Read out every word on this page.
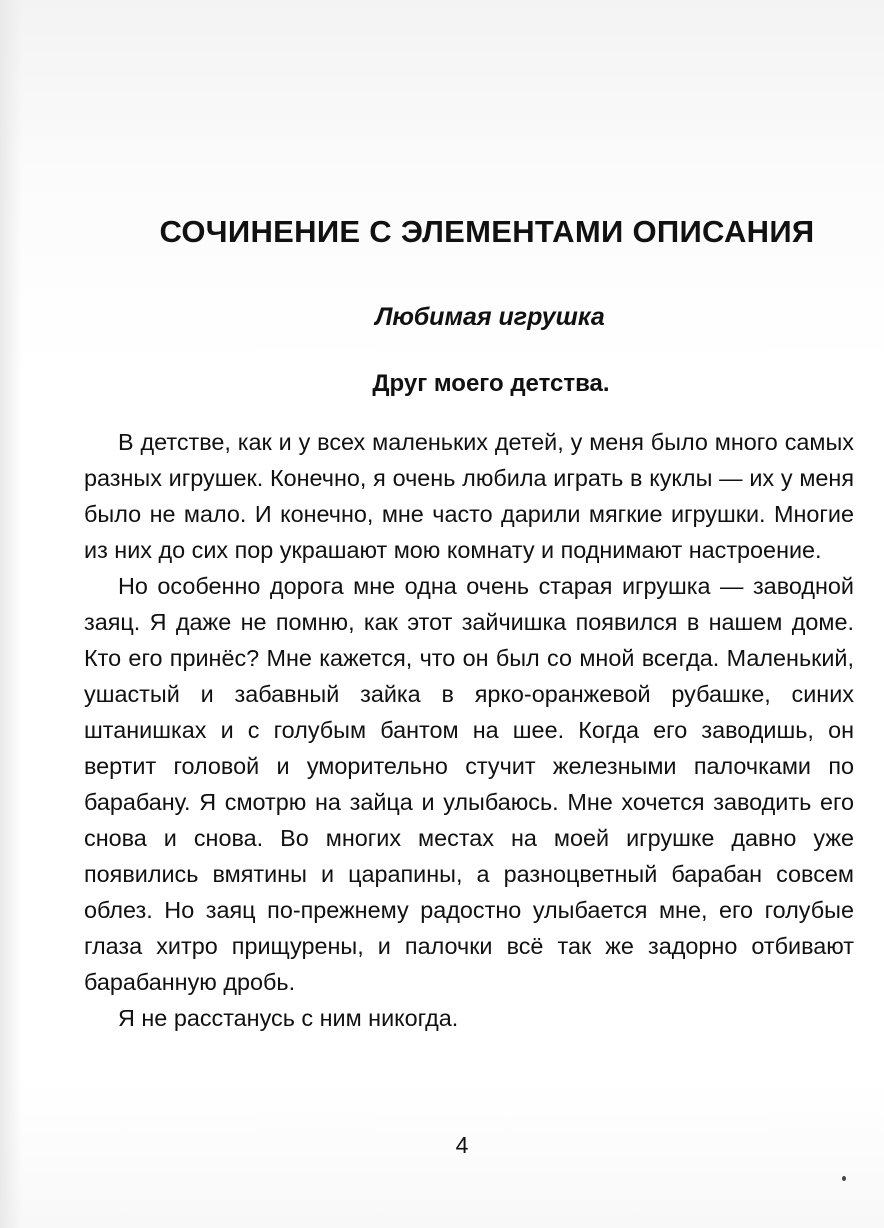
СОЧИНЕНИЕ С ЭЛЕМЕНТАМИ ОПИСАНИЯ
Любимая игрушка
Друг моего детства.

В детстве, как и у всех маленьких детей, у меня было много самых разных игрушек. Конечно, я очень любила играть в куклы — их у меня было не мало. И конечно, мне часто дарили мягкие игрушки. Многие из них до сих пор украшают мою комнату и поднимают настроение.

Но особенно дорога мне одна очень старая игрушка — заводной заяц. Я даже не помню, как этот зайчишка появился в нашем доме. Кто его принёс? Мне кажется, что он был со мной всегда. Маленький, ушастый и забавный зайка в ярко-оранжевой рубашке, синих штанишках и с голубым бантом на шее. Когда его заводишь, он вертит головой и уморительно стучит железными палочками по барабану. Я смотрю на зайца и улыбаюсь. Мне хочется заводить его снова и снова. Во многих местах на моей игрушке давно уже появились вмятины и царапины, а разноцветный барабан совсем облез. Но заяц по-прежнему радостно улыбается мне, его голубые глаза хитро прищурены, и палочки всё так же задорно отбивают барабанную дробь.

Я не расстанусь с ним никогда.

4
